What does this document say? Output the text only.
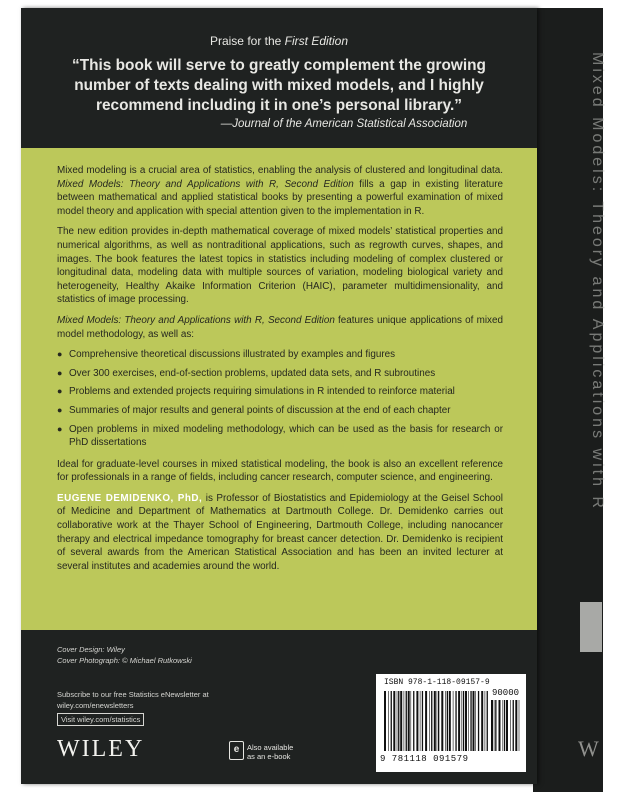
Mixed Models: Theory and Applications with R
W
Praise for the First Edition
“This book will serve to greatly complement the growing number of texts dealing with mixed models, and I highly recommend including it in one’s personal library.”
—Journal of the American Statistical Association

Mixed modeling is a crucial area of statistics, enabling the analysis of clustered and longitudinal data. Mixed Models: Theory and Applications with R, Second Edition fills a gap in existing literature between mathematical and applied statistical books by presenting a powerful examination of mixed model theory and application with special attention given to the implementation in R.

The new edition provides in-depth mathematical coverage of mixed models’ statistical properties and numerical algorithms, as well as nontraditional applications, such as regrowth curves, shapes, and images. The book features the latest topics in statistics including modeling of complex clustered or longitudinal data, modeling data with multiple sources of variation, modeling biological variety and heterogeneity, Healthy Akaike Information Criterion (HAIC), parameter multidimensionality, and statistics of image processing.

Mixed Models: Theory and Applications with R, Second Edition features unique applications of mixed model methodology, as well as:

● Comprehensive theoretical discussions illustrated by examples and figures
● Over 300 exercises, end-of-section problems, updated data sets, and R subroutines
● Problems and extended projects requiring simulations in R intended to reinforce material
● Summaries of major results and general points of discussion at the end of each chapter
● Open problems in mixed modeling methodology, which can be used as the basis for research or PhD dissertations

Ideal for graduate-level courses in mixed statistical modeling, the book is also an excellent reference for professionals in a range of fields, including cancer research, computer science, and engineering.

EUGENE DEMIDENKO, PhD, is Professor of Biostatistics and Epidemiology at the Geisel School of Medicine and Department of Mathematics at Dartmouth College. Dr. Demidenko carries out collaborative work at the Thayer School of Engineering, Dartmouth College, including nanocancer therapy and electrical impedance tomography for breast cancer detection. Dr. Demidenko is recipient of several awards from the American Statistical Association and has been an invited lecturer at several institutes and academies around the world.

Cover Design: Wiley
Cover Photograph: © Michael Rutkowski
Subscribe to our free Statistics eNewsletter at
wiley.com/enewsletters
Visit wiley.com/statistics
WILEY	e	Also available
as an e-book
ISBN 978-1-118-09157-9
90000
9 781118 091579
